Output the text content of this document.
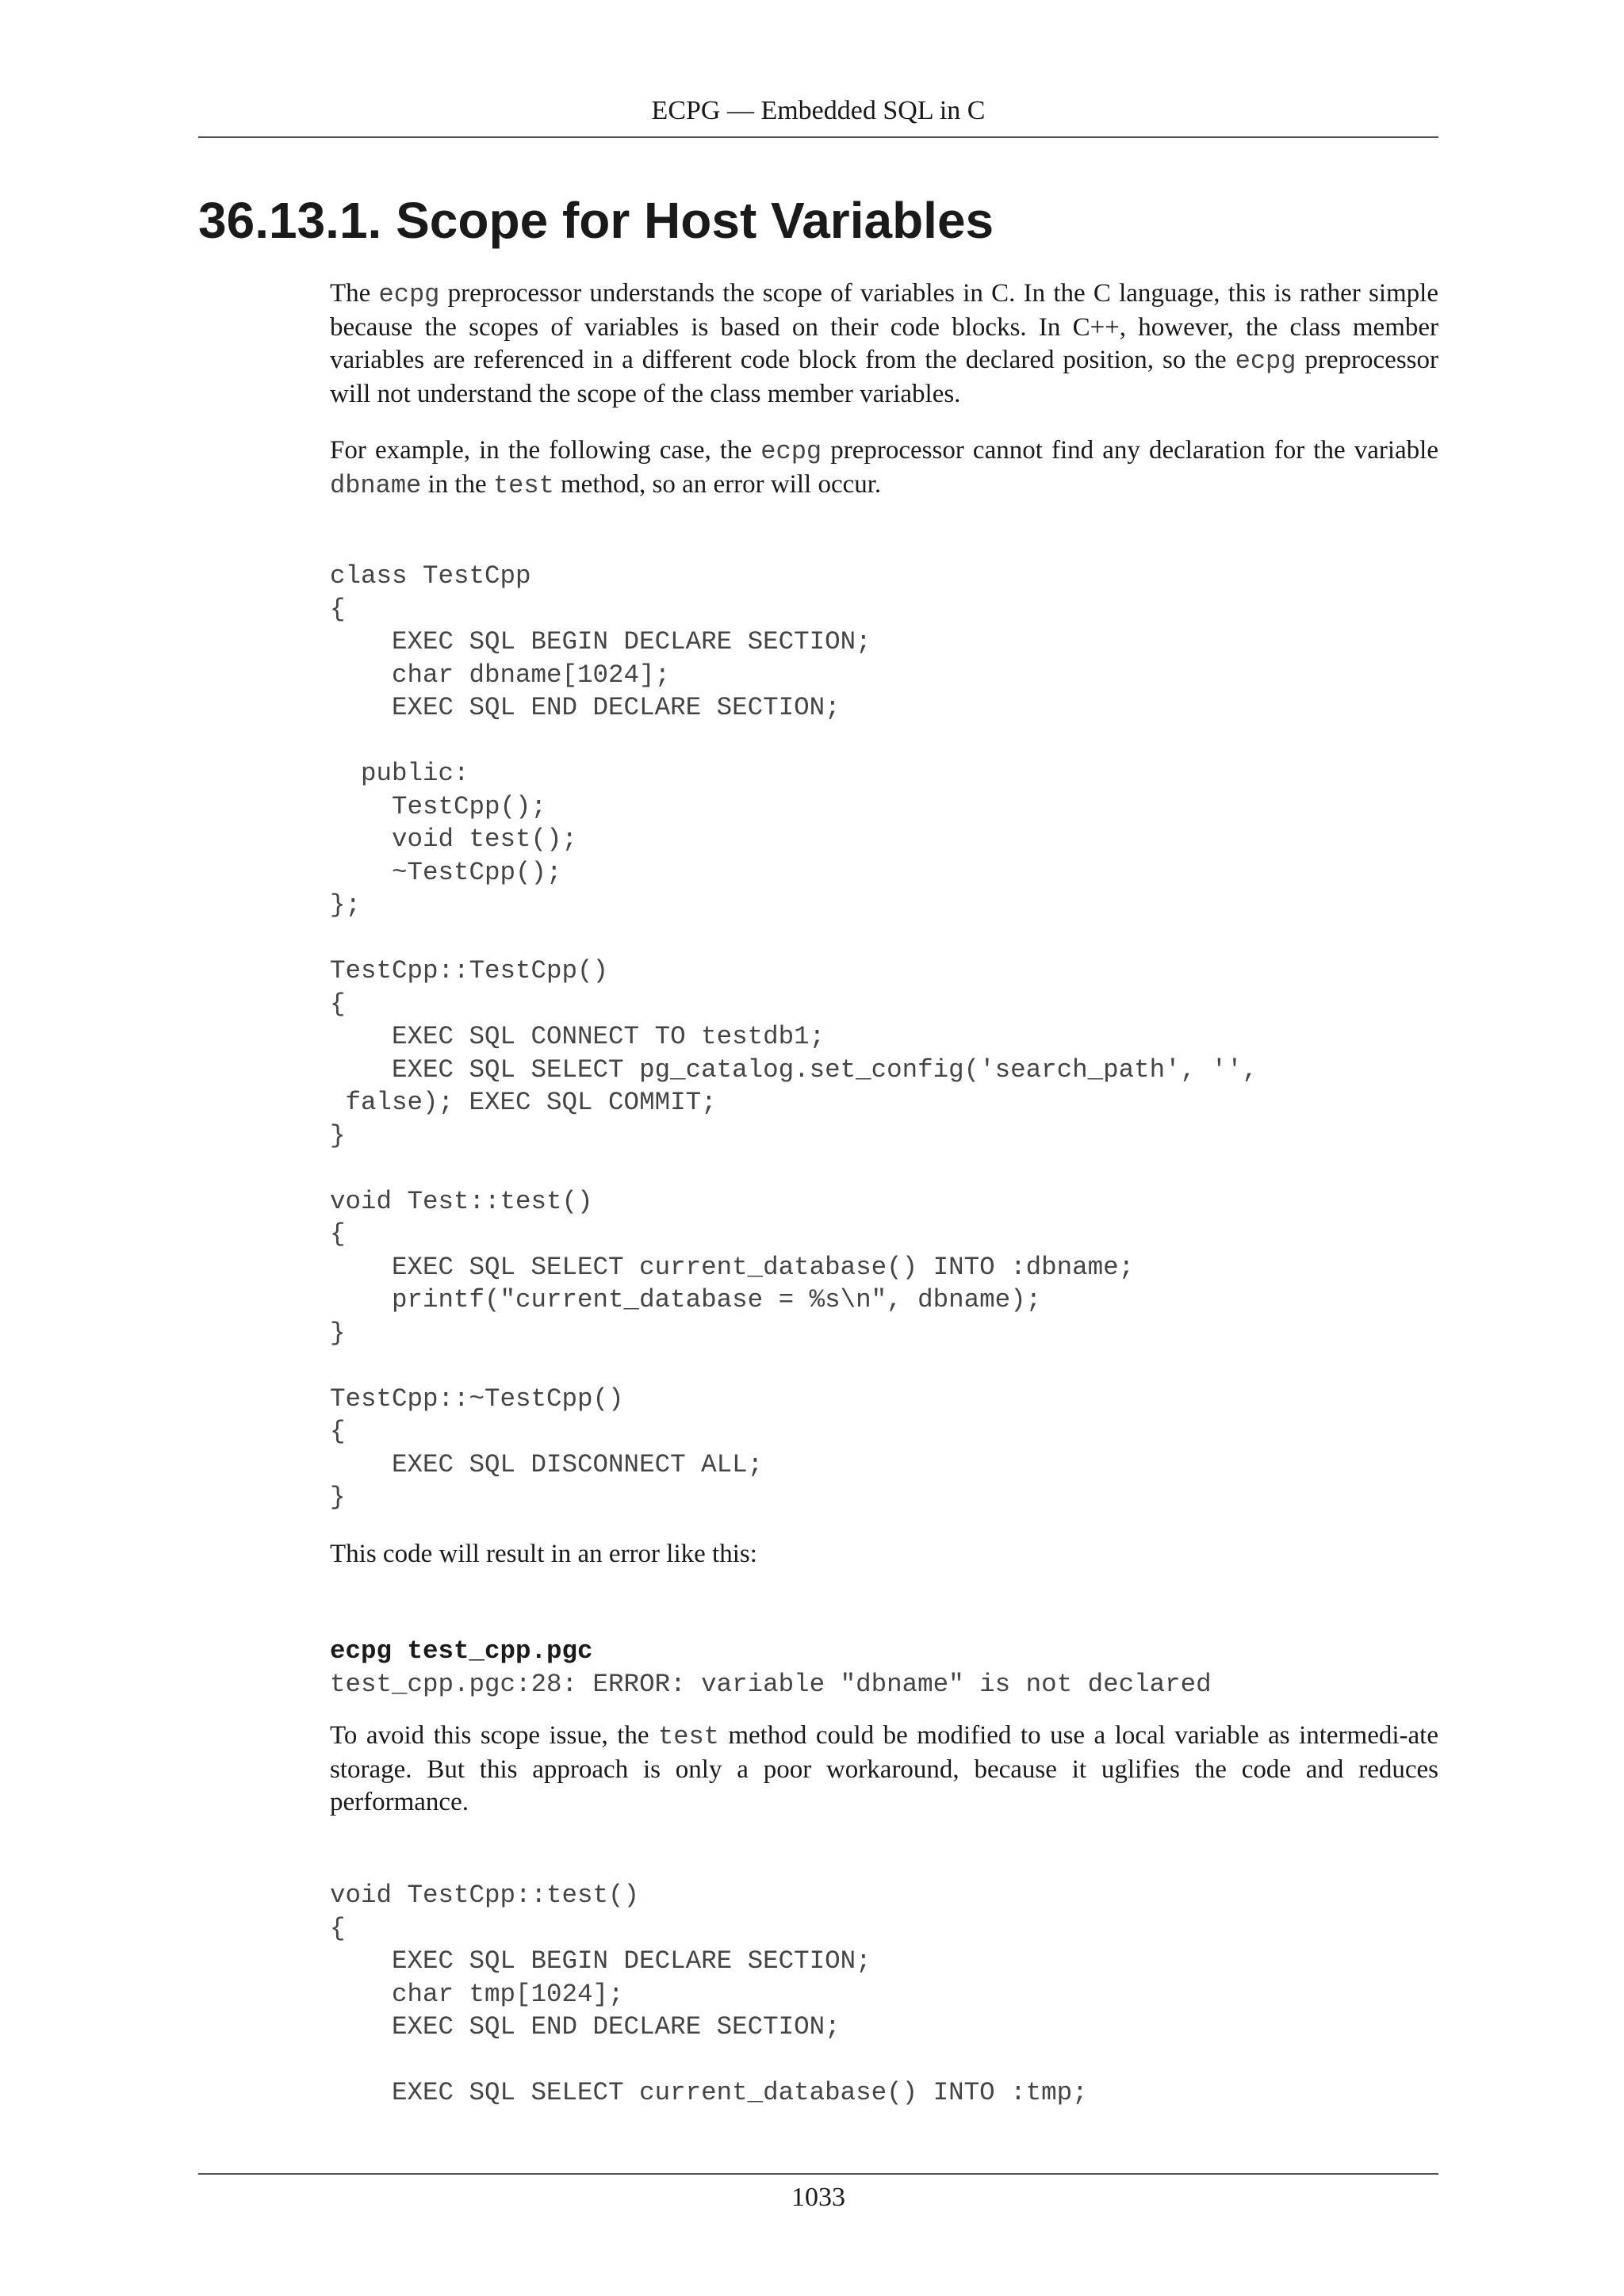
ECPG — Embedded SQL in C
36.13.1. Scope for Host Variables

The ecpg preprocessor understands the scope of variables in C. In the C language, this is rather simple because the scopes of variables is based on their code blocks. In C++, however, the class member variables are referenced in a different code block from the declared position, so the ecpg preprocessor will not understand the scope of the class member variables.

For example, in the following case, the ecpg preprocessor cannot find any declaration for the variable dbname in the test method, so an error will occur.

class TestCpp
{
EXEC SQL BEGIN DECLARE SECTION;
char dbname[1024];
EXEC SQL END DECLARE SECTION;

public:
TestCpp();
void test();
~TestCpp();
};

TestCpp::TestCpp()
{
EXEC SQL CONNECT TO testdb1;
EXEC SQL SELECT pg_catalog.set_config('search_path', '',
false); EXEC SQL COMMIT;
}

void Test::test()
{
EXEC SQL SELECT current_database() INTO :dbname;
printf("current_database = %s\n", dbname);
}

TestCpp::~TestCpp()
{
EXEC SQL DISCONNECT ALL;
}

This code will result in an error like this:

ecpg test_cpp.pgc
test_cpp.pgc:28: ERROR: variable "dbname" is not declared

To avoid this scope issue, the test method could be modified to use a local variable as intermedi-ate storage. But this approach is only a poor workaround, because it uglifies the code and reduces performance.

void TestCpp::test()
{
EXEC SQL BEGIN DECLARE SECTION;
char tmp[1024];
EXEC SQL END DECLARE SECTION;

EXEC SQL SELECT current_database() INTO :tmp;
1033
